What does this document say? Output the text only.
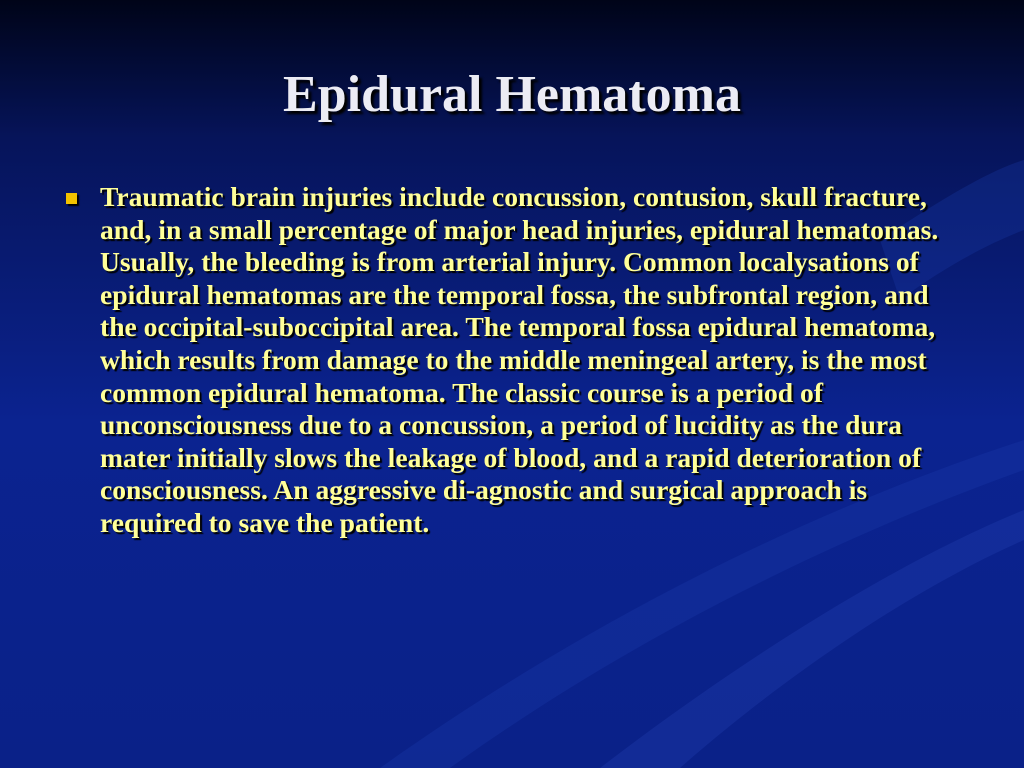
Epidural Hematoma
Traumatic brain injuries include concussion, contusion, skull fracture, and, in a small percentage of major head injuries, epidural hematomas. Usually, the bleeding is from arterial injury. Common localysations of epidural hematomas are the temporal fossa, the subfrontal region, and the occipital-suboccipital area. The temporal fossa epidural hematoma, which results from damage to the middle meningeal artery, is the most common epidural hematoma. The classic course is a period of unconsciousness due to a concussion, a period of lucidity as the dura mater initially slows the leakage of blood, and a rapid deterioration of consciousness. An aggressive di-agnostic and surgical approach is required to save the patient.
